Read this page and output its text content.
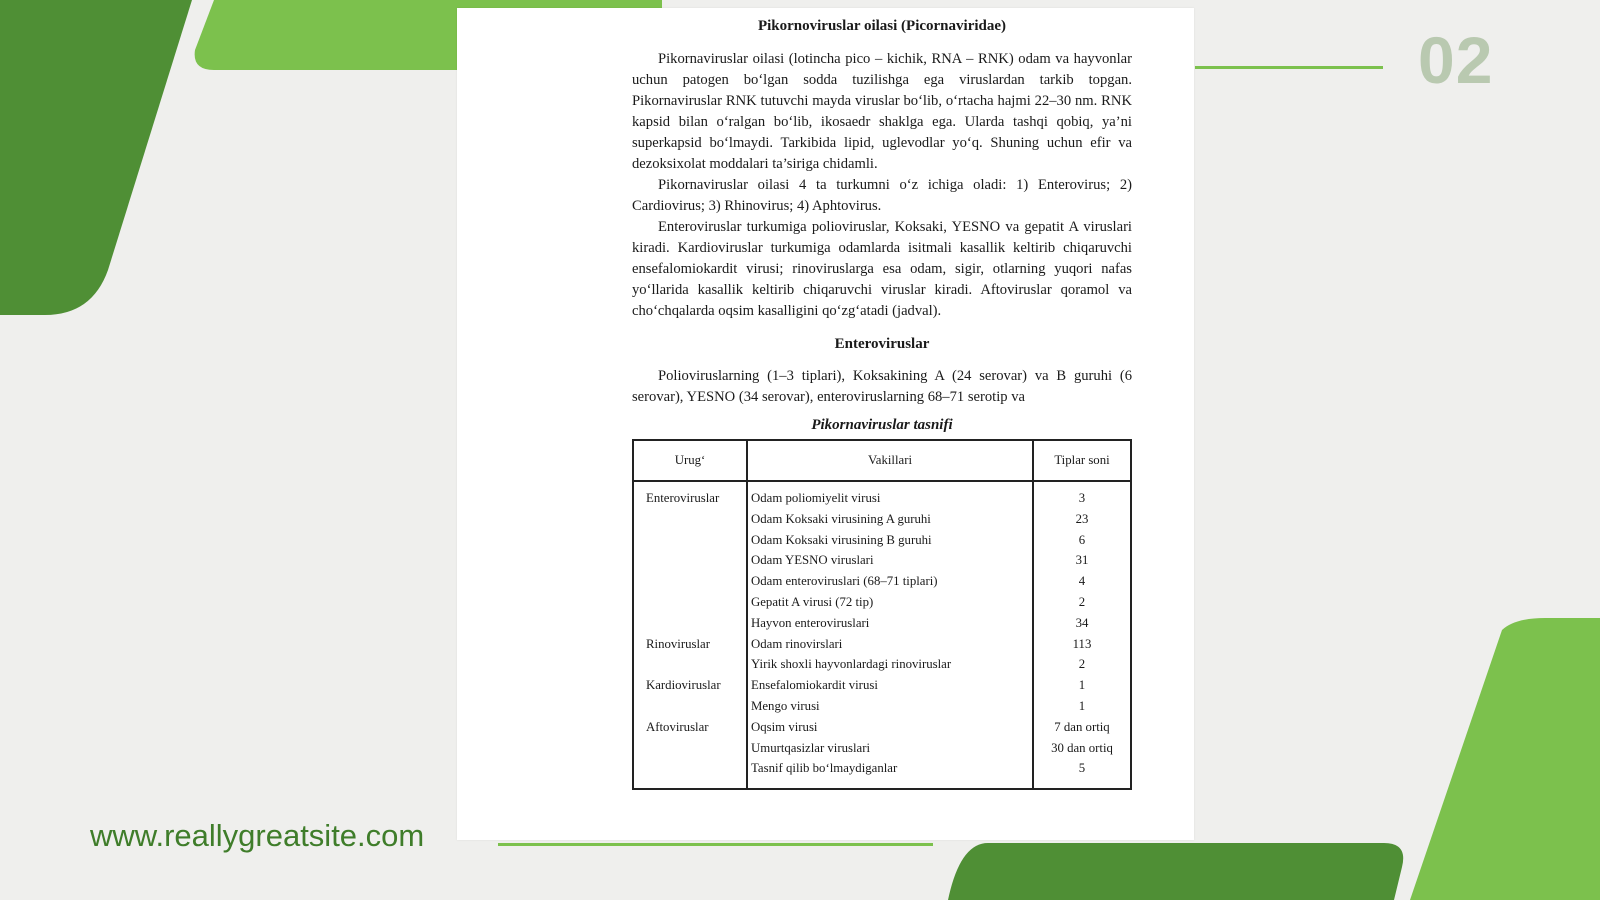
02
www.reallygreatsite.com
Pikornoviruslar oilasi (Picornaviridae)

Pikornaviruslar oilasi (lotincha pico – kichik, RNA – RNK) odam va hayvonlar uchun patogen bo‘lgan sodda tuzilishga ega viruslardan tarkib topgan. Pikornaviruslar RNK tutuvchi mayda viruslar bo‘lib, o‘rtacha hajmi 22–30 nm. RNK kapsid bilan o‘ralgan bo‘lib, ikosaedr shaklga ega. Ularda tashqi qobiq, ya’ni superkapsid bo‘lmaydi. Tarkibida lipid, uglevodlar yo‘q. Shuning uchun efir va dezoksixolat moddalari ta’siriga chidamli.

Pikornaviruslar oilasi 4 ta turkumni o‘z ichiga oladi: 1) Enterovirus; 2) Cardiovirus; 3) Rhinovirus; 4) Aphtovirus.

Enteroviruslar turkumiga polioviruslar, Koksaki, YESNO va gepatit A viruslari kiradi. Kardioviruslar turkumiga odamlarda isitmali kasallik keltirib chiqaruvchi ensefalomiokardit virusi; rinoviruslarga esa odam, sigir, otlarning yuqori nafas yo‘llarida kasallik keltirib chiqaruvchi viruslar kiradi. Aftoviruslar qoramol va cho‘chqalarda oqsim kasalligini qo‘zg‘atadi (jadval).

Enteroviruslar

Polioviruslarning (1–3 tiplari), Koksakining A (24 serovar) va B guruhi (6 serovar), YESNO (34 serovar), enteroviruslarning 68–71 serotip va

Pikornaviruslar tasnifi
Urug‘	Vakillari	Tiplar soni
Enteroviruslar	Odam poliomiyelit virusi	3
	Odam Koksaki virusining A guruhi	23
	Odam Koksaki virusining B guruhi	6
	Odam YESNO viruslari	31
	Odam enteroviruslari (68–71 tiplari)	4
	Gepatit A virusi (72 tip)	2
	Hayvon enteroviruslari	34
Rinoviruslar	Odam rinovirslari	113
	Yirik shoxli hayvonlardagi rinoviruslar	2
Kardioviruslar	Ensefalomiokardit virusi	1
	Mengo virusi	1
Aftoviruslar	Oqsim virusi	7 dan ortiq
	Umurtqasizlar viruslari	30 dan ortiq
	Tasnif qilib bo‘lmaydiganlar	5
